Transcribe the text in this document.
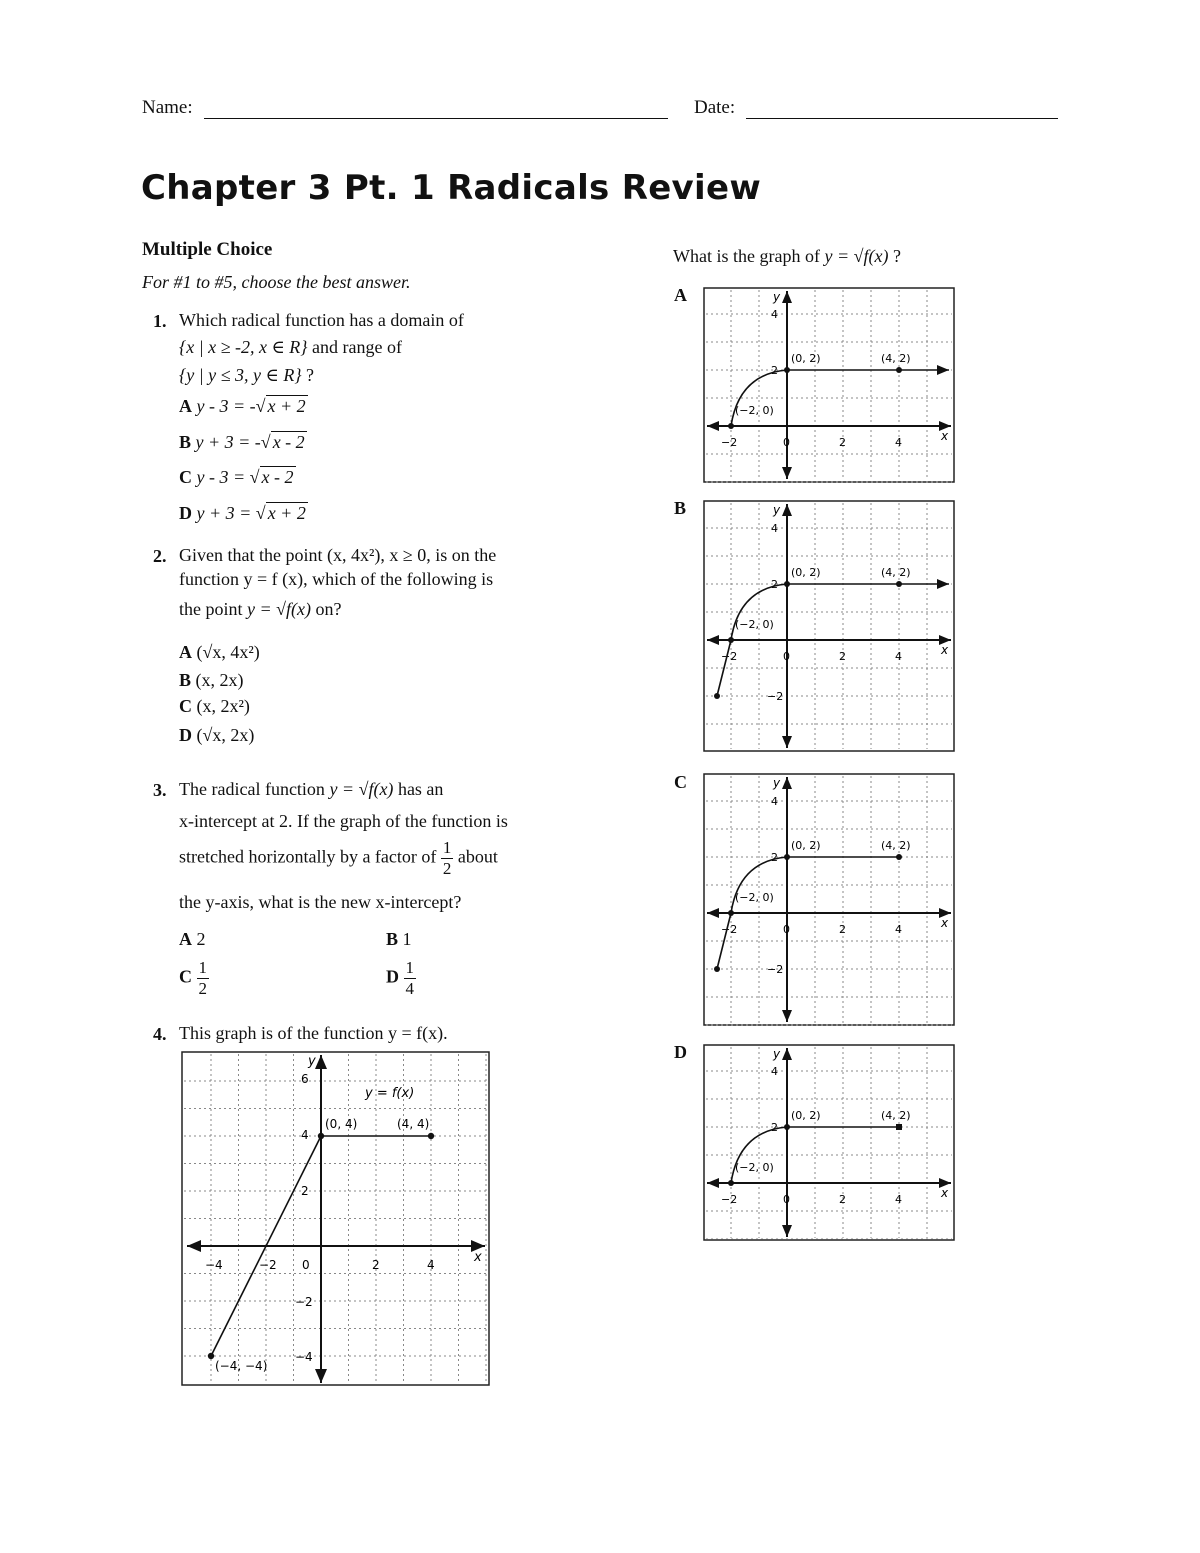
Name:	Date:
Chapter 3 Pt. 1 Radicals Review
Multiple Choice
For #1 to #5, choose the best answer.
1. Which radical function has a domain of
{x | x ≥ -2, x ∈ R} and range of
{y | y ≤ 3, y ∈ R} ?
A y - 3 = -√ x + 2
B y + 3 = -√ x - 2
C y - 3 = √ x - 2
D y + 3 = √ x + 2
2. Given that the point (x, 4x²), x ≥ 0, is on the
function y = f (x), which of the following is
the point y = √f(x) on?
A (√x, 4x²)
B (x, 2x)
C (x, 2x²)
D (√x, 2x)
3. The radical function y = √f(x) has an
x-intercept at 2. If the graph of the function is
stretched horizontally by a factor of $\frac{1}{2}$ about
the y-axis, what is the new x-intercept?
A 2	B 1
C $\frac{1}{2}$	D $\frac{1}{4}$
4. This graph is of the function y = f(x).
y
x
y = f(x)
−4	−2 0	2	4
6
4
2
−2
−4
(−4, −4)
(0, 4)	(4, 4)
What is the graph of y = √f(x) ?
A	y
x
−2	0	2	4
4
2
(0, 2)	(4, 2)
(−2, 0)
B	y
x
−2	0	2	4
4
2
−2
(0, 2)	(4, 2)
(−2, 0)
C	y
x
−2	0	2	4
4
2
−2
(0, 2)	(4, 2)
(−2, 0)
D	y
x
−2	0	2	4
4
2
(0, 2)	(4, 2)
(−2, 0)
